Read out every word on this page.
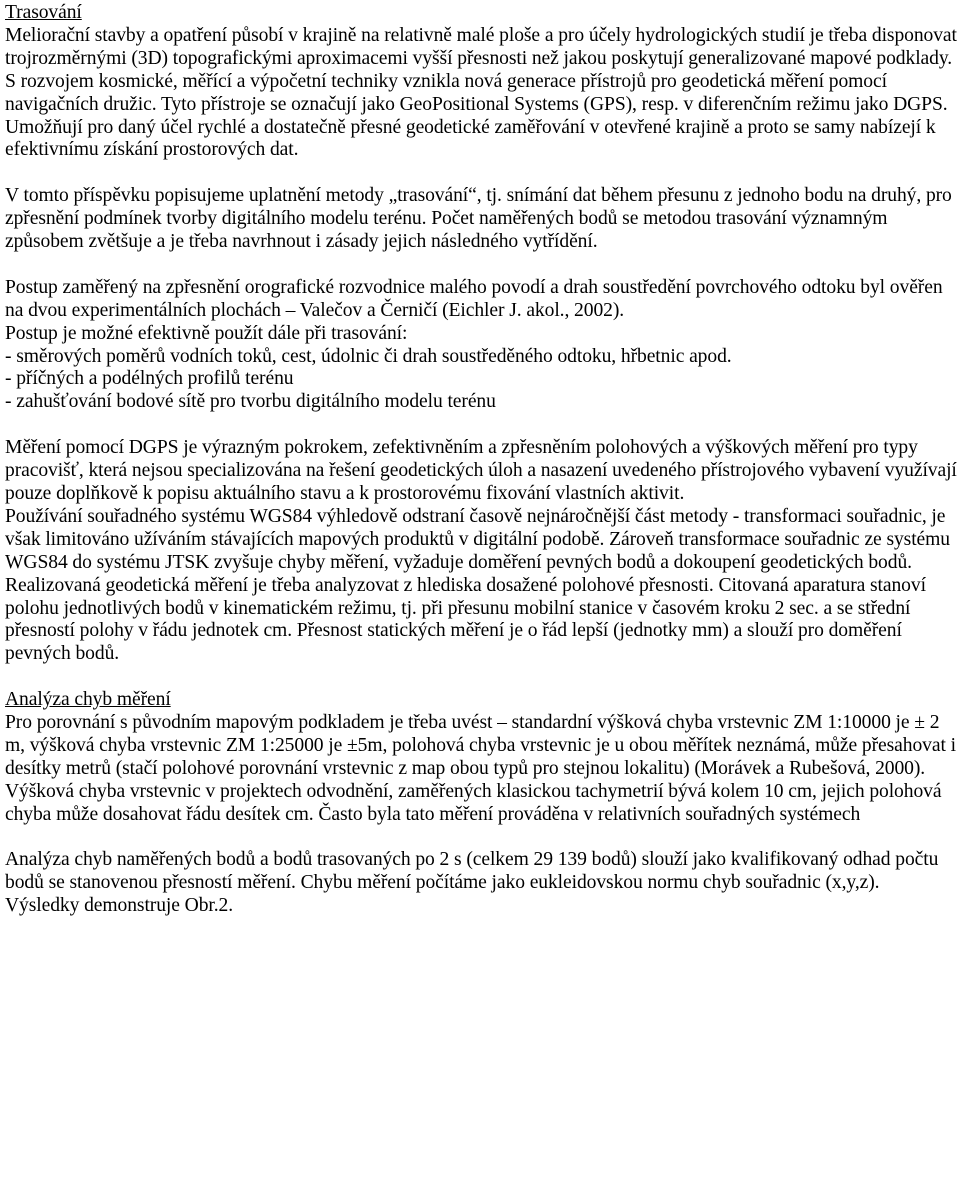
Trasování

Meliorační stavby a opatření působí v krajině na relativně malé ploše a pro účely hydrologických studií je třeba disponovat trojrozměrnými (3D) topografickými aproximacemi vyšší přesnosti než jakou poskytují generalizované mapové podklady.

S rozvojem kosmické, měřící a výpočetní techniky vznikla nová generace přístrojů pro geodetická měření pomocí navigačních družic. Tyto přístroje se označují jako GeoPositional Systems (GPS), resp. v diferenčním režimu jako DGPS. Umožňují pro daný účel rychlé a dostatečně přesné geodetické zaměřování v otevřené krajině a proto se samy nabízejí k efektivnímu získání prostorových dat.

V tomto příspěvku popisujeme uplatnění metody „trasování“, tj. snímání dat během přesunu z jednoho bodu na druhý, pro zpřesnění podmínek tvorby digitálního modelu terénu. Počet naměřených bodů se metodou trasování významným způsobem zvětšuje a je třeba navrhnout i zásady jejich následného vytřídění.

Postup zaměřený na zpřesnění orografické rozvodnice malého povodí a drah soustředění povrchového odtoku byl ověřen na dvou experimentálních plochách – Valečov a Černičí (Eichler J. akol., 2002).

Postup je možné efektivně použít dále při trasování:

- směrových poměrů vodních toků, cest, údolnic či drah soustředěného odtoku, hřbetnic apod.

- příčných a podélných profilů terénu

- zahušťování bodové sítě pro tvorbu digitálního modelu terénu

Měření pomocí DGPS je výrazným pokrokem, zefektivněním a zpřesněním polohových a výškových měření pro typy pracovišť, která nejsou specializována na řešení geodetických úloh a nasazení uvedeného přístrojového vybavení využívají pouze doplňkově k popisu aktuálního stavu a k prostorovému fixování vlastních aktivit.

Používání souřadného systému WGS84 výhledově odstraní časově nejnáročnější část metody - transformaci souřadnic, je však limitováno užíváním stávajících mapových produktů v digitální podobě. Zároveň transformace souřadnic ze systému WGS84 do systému JTSK zvyšuje chyby měření, vyžaduje doměření pevných bodů a dokoupení geodetických bodů.

Realizovaná geodetická měření je třeba analyzovat z hlediska dosažené polohové přesnosti. Citovaná aparatura stanoví polohu jednotlivých bodů v kinematickém režimu, tj. při přesunu mobilní stanice v časovém kroku 2 sec. a se střední přesností polohy v řádu jednotek cm. Přesnost statických měření je o řád lepší (jednotky mm) a slouží pro doměření pevných bodů.

Analýza chyb měření

Pro porovnání s původním mapovým podkladem je třeba uvést – standardní výšková chyba vrstevnic ZM 1:10000 je ± 2 m, výšková chyba vrstevnic ZM 1:25000 je ±5m, polohová chyba vrstevnic je u obou měřítek neznámá, může přesahovat i desítky metrů (stačí polohové porovnání vrstevnic z map obou typů pro stejnou lokalitu) (Morávek a Rubešová, 2000). Výšková chyba vrstevnic v projektech odvodnění, zaměřených klasickou tachymetrií bývá kolem 10 cm, jejich polohová chyba může dosahovat řádu desítek cm. Často byla tato měření prováděna v relativních souřadných systémech

Analýza chyb naměřených bodů a bodů trasovaných po 2 s (celkem 29 139 bodů) slouží jako kvalifikovaný odhad počtu bodů se stanovenou přesností měření. Chybu měření počítáme jako eukleidovskou normu chyb souřadnic (x,y,z). Výsledky demonstruje Obr.2.
